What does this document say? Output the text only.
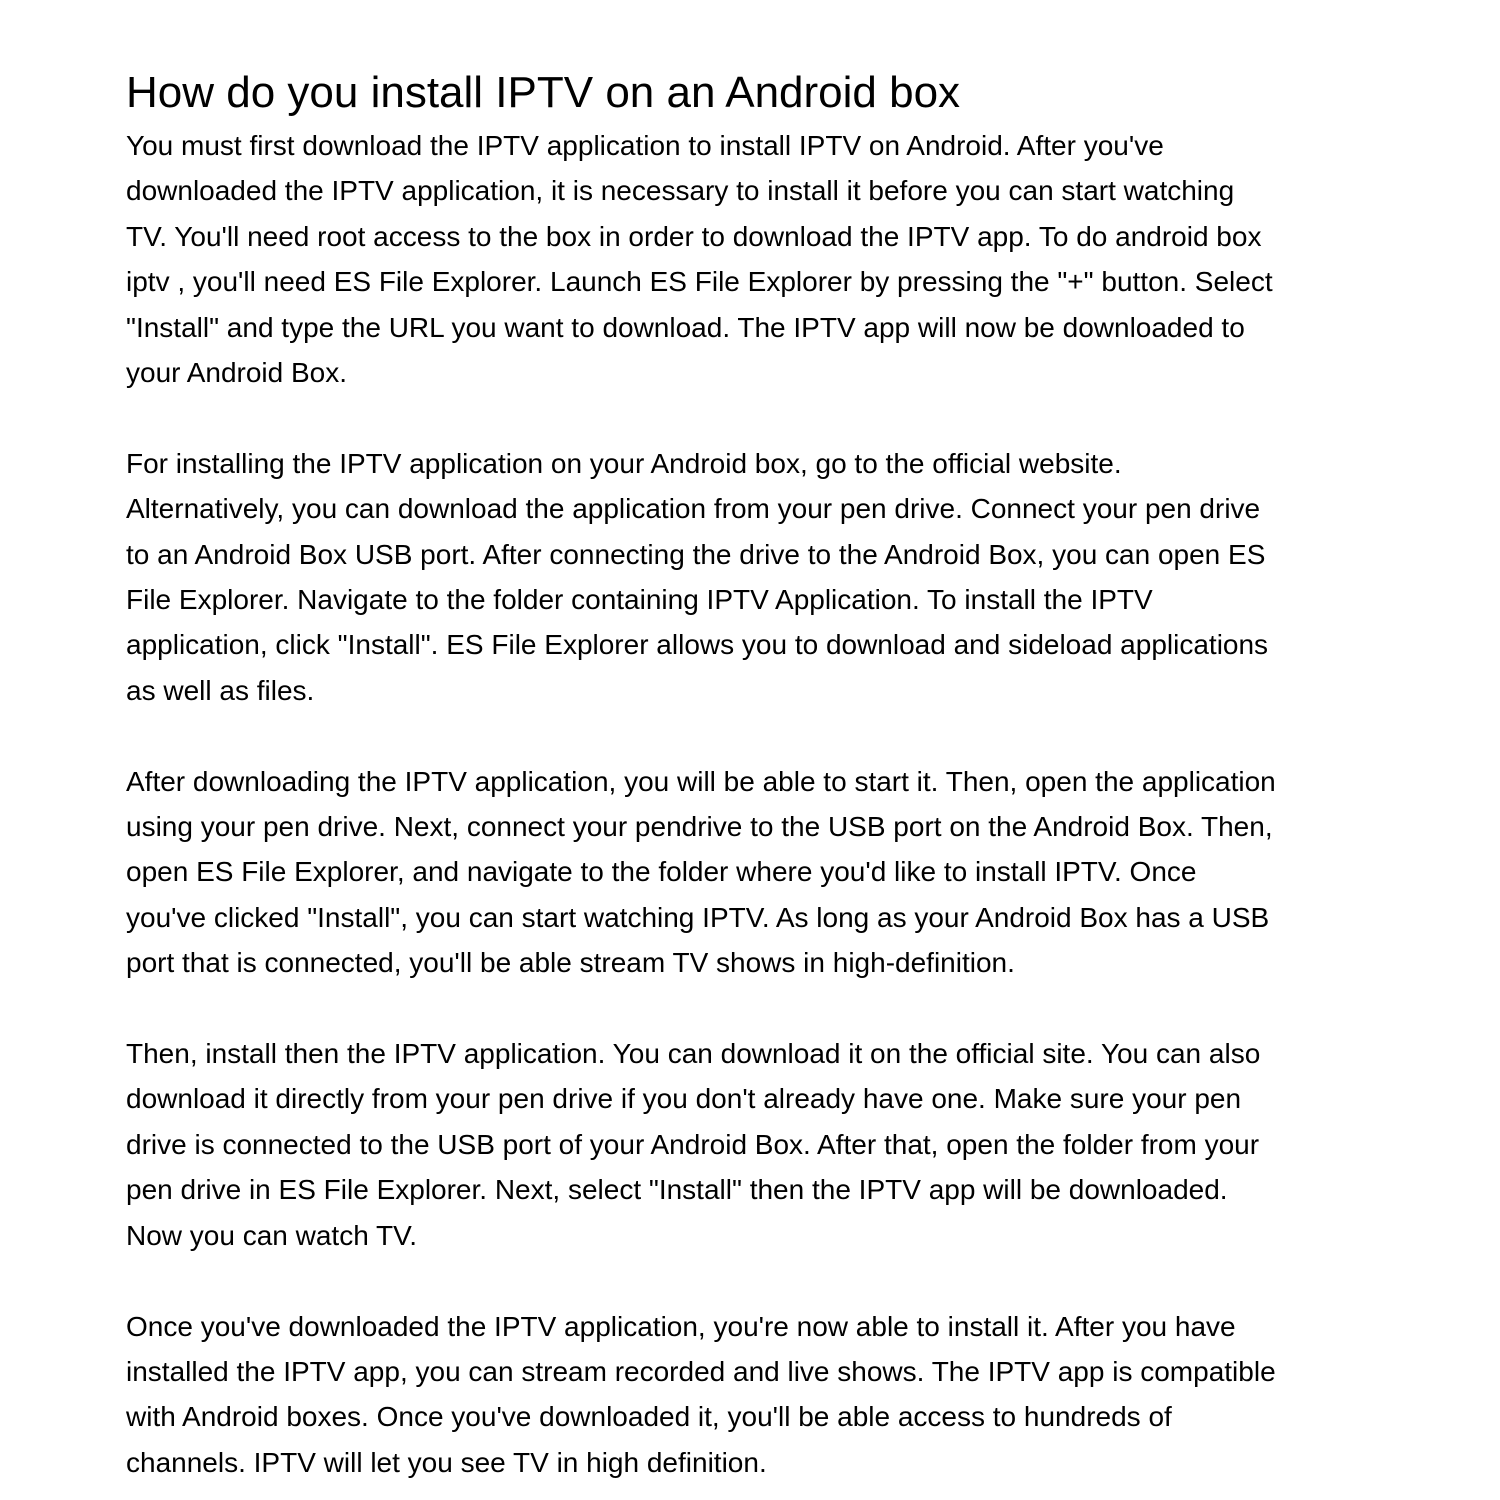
How do you install IPTV on an Android box

You must first download the IPTV application to install IPTV on Android. After you've
downloaded the IPTV application, it is necessary to install it before you can start watching
TV. You'll need root access to the box in order to download the IPTV app. To do android box
iptv , you'll need ES File Explorer. Launch ES File Explorer by pressing the "+" button. Select
"Install" and type the URL you want to download. The IPTV app will now be downloaded to
your Android Box.

For installing the IPTV application on your Android box, go to the official website.
Alternatively, you can download the application from your pen drive. Connect your pen drive
to an Android Box USB port. After connecting the drive to the Android Box, you can open ES
File Explorer. Navigate to the folder containing IPTV Application. To install the IPTV
application, click "Install". ES File Explorer allows you to download and sideload applications
as well as files.

After downloading the IPTV application, you will be able to start it. Then, open the application
using your pen drive. Next, connect your pendrive to the USB port on the Android Box. Then,
open ES File Explorer, and navigate to the folder where you'd like to install IPTV. Once
you've clicked "Install", you can start watching IPTV. As long as your Android Box has a USB
port that is connected, you'll be able stream TV shows in high-definition.

Then, install then the IPTV application. You can download it on the official site. You can also
download it directly from your pen drive if you don't already have one. Make sure your pen
drive is connected to the USB port of your Android Box. After that, open the folder from your
pen drive in ES File Explorer. Next, select "Install" then the IPTV app will be downloaded.
Now you can watch TV.

Once you've downloaded the IPTV application, you're now able to install it. After you have
installed the IPTV app, you can stream recorded and live shows. The IPTV app is compatible
with Android boxes. Once you've downloaded it, you'll be able access to hundreds of
channels. IPTV will let you see TV in high definition.
